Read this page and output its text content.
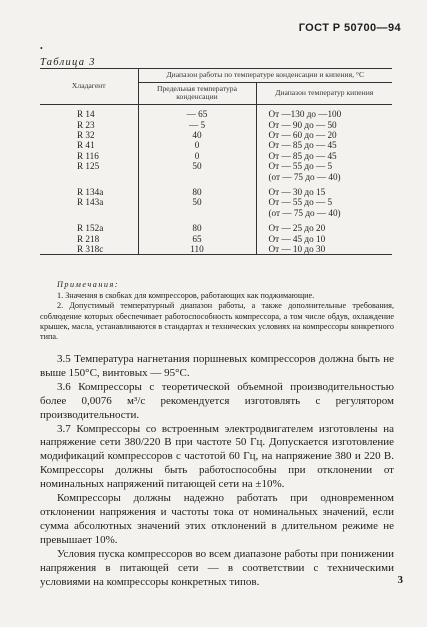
ГОСТ Р 50700—94
•
Таблица 3
Хладагент	Диапазон работы по температуре конденсации и кипения, °С	
	Предельная температура конденсации	Диапазон температур кипения
R 14	— 65	От —130 до —100
R 23	— 5	От — 90 до — 50
R 32	40	От — 60 до — 20
R 41	0	От — 85 до — 45
R 116	0	От — 85 до — 45
R 125	50	От — 55 до — 5
		(от — 75 до — 40)

R 134a	80	От — 30 до 15
R 143a	50	От — 55 до — 5
		(от — 75 до — 40)

R 152a	80	От — 25 до 20
R 218	65	От — 45 до 10
R 318c	110	От — 10 до 30
Примечания:

1. Значения в скобках для компрессоров, работающих как поджимающие.

2. Допустимый температурный диапазон работы, а также дополнительные требования, соблюдение которых обеспечивает работоспособность компрессора, а том числе обдув, охлаждение крышек, масла, устанавливаются в стандартах и технических условиях на компрессоры конкретного типа.

3.5 Температура нагнетания поршневых компрессоров должна быть не выше 150°С, винтовых — 95°С.

3.6 Компрессоры с теоретической объемной производительностью более 0,0076 м³/с рекомендуется изготовлять с регулятором производительности.

3.7 Компрессоры со встроенным электродвигателем изготовлены на напряжение сети 380/220 В при частоте 50 Гц. Допускается изготовление модификаций компрессоров с частотой 60 Гц, на напряжение 380 и 220 В. Компрессоры должны быть работоспособны при отклонении от номинальных напряжений питающей сети на ±10%.

Компрессоры должны надежно работать при одновременном отклонении напряжения и частоты тока от номинальных значений, если сумма абсолютных значений этих отклонений в длительном режиме не превышает 10%.

Условия пуска компрессоров во всем диапазоне работы при понижении напряжения в питающей сети — в соответствии с техническими условиями на компрессоры конкретных типов.	3
